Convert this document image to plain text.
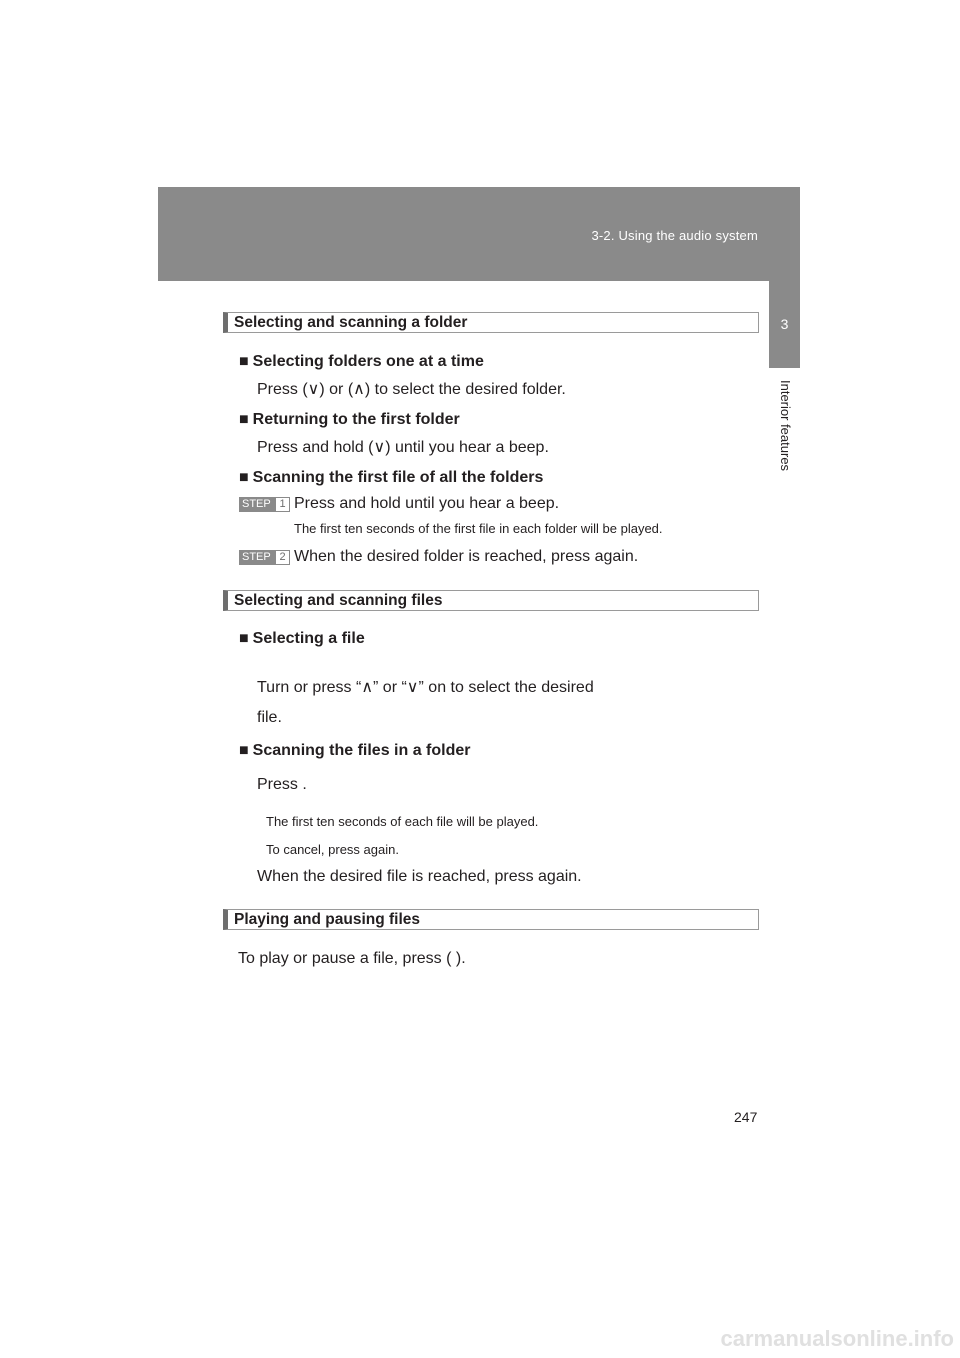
3-2. Using the audio system
3
Interior features
Selecting and scanning a folder
■ Selecting folders one at a time
Press (∨) or (∧) to select the desired folder.
■ Returning to the first folder
Press and hold (∨) until you hear a beep.
■ Scanning the first file of all the folders
STEP 1 Press and hold until you hear a beep.
The first ten seconds of the first file in each folder will be played.
STEP 2 When the desired folder is reached, press again.
Selecting and scanning files
■ Selecting a file
Turn or press “∧” or “∨” on to select the desired
file.
■ Scanning the files in a folder
Press .
The first ten seconds of each file will be played.
To cancel, press again.
When the desired file is reached, press again.
Playing and pausing files
To play or pause a file, press ( ).
247
carmanualsonline.info
